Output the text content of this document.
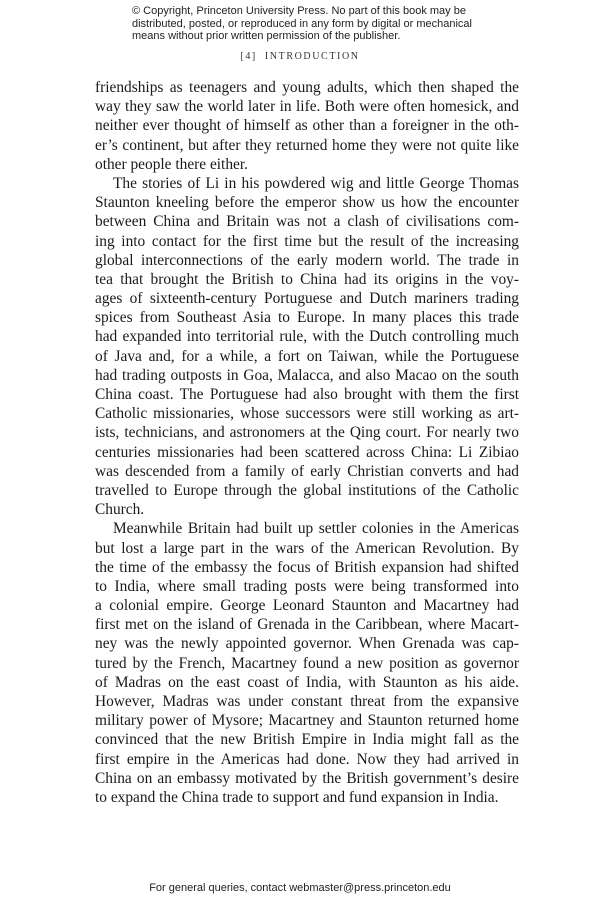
© Copyright, Princeton University Press. No part of this book may be
distributed, posted, or reproduced in any form by digital or mechanical
means without prior written permission of the publisher.
[4] INTRODUCTION
friendships as teenagers and young adults, which then shaped the
way they saw the world later in life. Both were often homesick, and
neither ever thought of himself as other than a foreigner in the oth-
er’s continent, but after they returned home they were not quite like
other people there either.
The stories of Li in his powdered wig and little George Thomas
Staunton kneeling before the emperor show us how the encounter
between China and Britain was not a clash of civilisations com-
ing into contact for the first time but the result of the increasing
global interconnections of the early modern world. The trade in
tea that brought the British to China had its origins in the voy-
ages of sixteenth-century Portuguese and Dutch mariners trading
spices from Southeast Asia to Europe. In many places this trade
had expanded into territorial rule, with the Dutch controlling much
of Java and, for a while, a fort on Taiwan, while the Portuguese
had trading outposts in Goa, Malacca, and also Macao on the south
China coast. The Portuguese had also brought with them the first
Catholic missionaries, whose successors were still working as art-
ists, technicians, and astronomers at the Qing court. For nearly two
centuries missionaries had been scattered across China: Li Zibiao
was descended from a family of early Christian converts and had
travelled to Europe through the global institutions of the Catholic
Church.
Meanwhile Britain had built up settler colonies in the Americas
but lost a large part in the wars of the American Revolution. By
the time of the embassy the focus of British expansion had shifted
to India, where small trading posts were being transformed into
a colonial empire. George Leonard Staunton and Macartney had
first met on the island of Grenada in the Caribbean, where Macart-
ney was the newly appointed governor. When Grenada was cap-
tured by the French, Macartney found a new position as governor
of Madras on the east coast of India, with Staunton as his aide.
However, Madras was under constant threat from the expansive
military power of Mysore; Macartney and Staunton returned home
convinced that the new British Empire in India might fall as the
first empire in the Americas had done. Now they had arrived in
China on an embassy motivated by the British government’s desire
to expand the China trade to support and fund expansion in India.
For general queries, contact webmaster@press.princeton.edu
